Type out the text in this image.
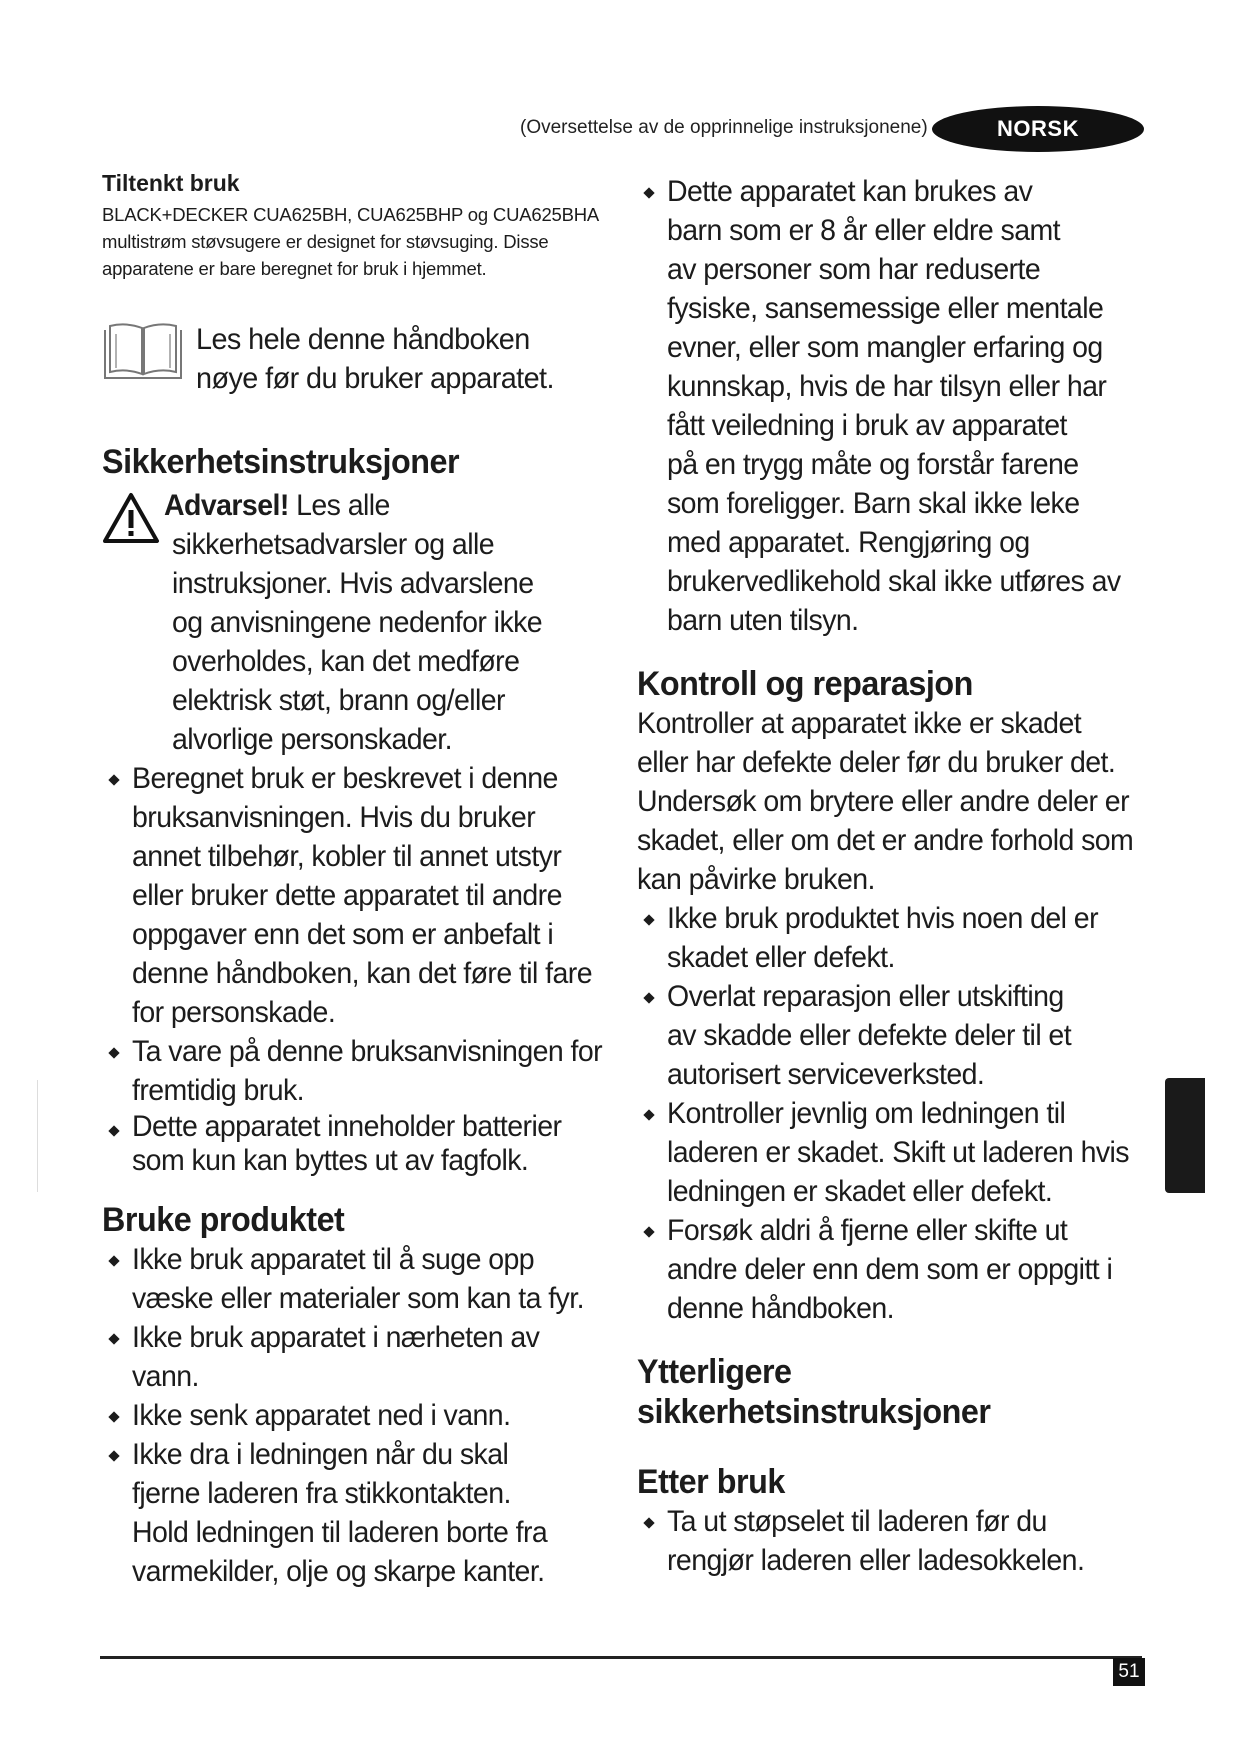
(Oversettelse av de opprinnelige instruksjonene)	NORSK
Tiltenkt bruk
BLACK+DECKER CUA625BH, CUA625BHP og CUA625BHA
multistrøm støvsugere er designet for støvsuging. Disse
apparatene er bare beregnet for bruk i hjemmet.
Les hele denne håndboken
nøye før du bruker apparatet.
Sikkerhetsinstruksjoner
Advarsel! Les alle
sikkerhetsadvarsler og alle
instruksjoner. Hvis advarslene
og anvisningene nedenfor ikke
overholdes, kan det medføre
elektrisk støt, brann og/eller
alvorlige personskader.
Beregnet bruk er beskrevet i denne
bruksanvisningen. Hvis du bruker
annet tilbehør, kobler til annet utstyr
eller bruker dette apparatet til andre
oppgaver enn det som er anbefalt i
denne håndboken, kan det føre til fare
for personskade.
Ta vare på denne bruksanvisningen for
fremtidig bruk.
Dette apparatet inneholder batterier
som kun kan byttes ut av fagfolk.
Bruke produktet
Ikke bruk apparatet til å suge opp
væske eller materialer som kan ta fyr.
Ikke bruk apparatet i nærheten av
vann.
Ikke senk apparatet ned i vann.
Ikke dra i ledningen når du skal
fjerne laderen fra stikkontakten.
Hold ledningen til laderen borte fra
varmekilder, olje og skarpe kanter.
Dette apparatet kan brukes av
barn som er 8 år eller eldre samt
av personer som har reduserte
fysiske, sansemessige eller mentale
evner, eller som mangler erfaring og
kunnskap, hvis de har tilsyn eller har
fått veiledning i bruk av apparatet
på en trygg måte og forstår farene
som foreligger. Barn skal ikke leke
med apparatet. Rengjøring og
brukervedlikehold skal ikke utføres av
barn uten tilsyn.
Kontroll og reparasjon
Kontroller at apparatet ikke er skadet
eller har defekte deler før du bruker det.
Undersøk om brytere eller andre deler er
skadet, eller om det er andre forhold som
kan påvirke bruken.
Ikke bruk produktet hvis noen del er
skadet eller defekt.
Overlat reparasjon eller utskifting
av skadde eller defekte deler til et
autorisert serviceverksted.
Kontroller jevnlig om ledningen til
laderen er skadet. Skift ut laderen hvis
ledningen er skadet eller defekt.
Forsøk aldri å fjerne eller skifte ut
andre deler enn dem som er oppgitt i
denne håndboken.
Ytterligere
sikkerhetsinstruksjoner
Etter bruk
Ta ut støpselet til laderen før du
rengjør laderen eller ladesokkelen.
51
